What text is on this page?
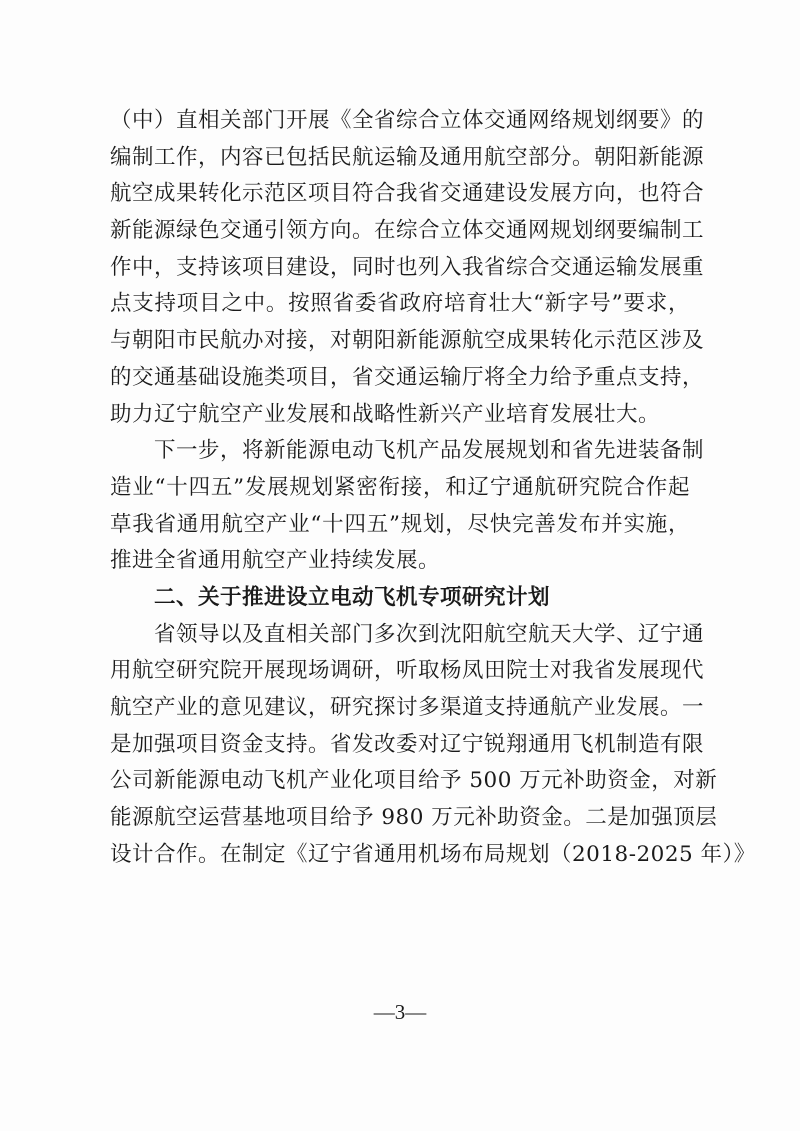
（中）直相关部门开展《全省综合立体交通网络规划纲要》的
编制工作，内容已包括民航运输及通用航空部分。朝阳新能源
航空成果转化示范区项目符合我省交通建设发展方向，也符合
新能源绿色交通引领方向。在综合立体交通网规划纲要编制工
作中，支持该项目建设，同时也列入我省综合交通运输发展重
点支持项目之中。按照省委省政府培育壮大“新字号”要求，
与朝阳市民航办对接，对朝阳新能源航空成果转化示范区涉及
的交通基础设施类项目，省交通运输厅将全力给予重点支持，
助力辽宁航空产业发展和战略性新兴产业培育发展壮大。
下一步，将新能源电动飞机产品发展规划和省先进装备制
造业“十四五”发展规划紧密衔接，和辽宁通航研究院合作起
草我省通用航空产业“十四五”规划，尽快完善发布并实施，
推进全省通用航空产业持续发展。
二、关于推进设立电动飞机专项研究计划
省领导以及直相关部门多次到沈阳航空航天大学、辽宁通
用航空研究院开展现场调研，听取杨凤田院士对我省发展现代
航空产业的意见建议，研究探讨多渠道支持通航产业发展。一
是加强项目资金支持。省发改委对辽宁锐翔通用飞机制造有限
公司新能源电动飞机产业化项目给予 500 万元补助资金，对新
能源航空运营基地项目给予 980 万元补助资金。二是加强顶层
设计合作。在制定《辽宁省通用机场布局规划（2018-2025 年）》
—3—
